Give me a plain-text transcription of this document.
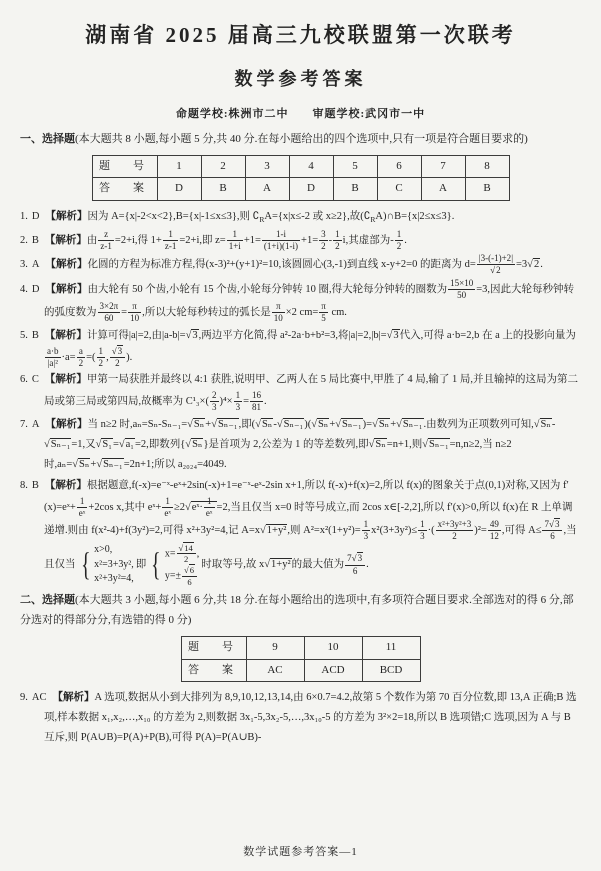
湖南省 2025 届高三九校联盟第一次联考
数学参考答案
命题学校:株洲市二中　　审题学校:武冈市一中
一、选择题(本大题共 8 小题,每小题 5 分,共 40 分.在每小题给出的四个选项中,只有一项是符合题目要求的)
题　号	1	2	3	4	5	6	7	8
答　案	D	B	A	D	B	C	A	B
1. D 【解析】因为 A={x|-2<x<2},B={x|-1≤x≤3},则 $∁_RA=\{x|x\le-2$ 或 x≥2},故$(∁_RA)\cap B=\{x|2\le x\le 3\}$.
2. B 【解析】由 $\frac{z}{z-1} =2+i$,得 $1+ \frac{1}{z-1} =2+i$,即 $z= \frac{1}{1+i} +1= \frac{1-i}{(1+i)(1-i)} +1= \frac{3}{2} - \frac{1}{2} i$,其虚部为- $\frac{1}{2}$ .
3. A 【解析】化圆的方程为标准方程,得(x-3)²+(y+1)²=10,该圆圆心(3,-1)到直线 x-y+2=0 的距离为 $d= \frac{|3-(-1)+2|}{√2} =3√2$.
4. D 【解析】由大轮有 50 个齿,小轮有 15 个齿,小轮每分钟转 10 圈,得大轮每分钟转的圈数为 $\frac{15\times 10}{50} =3$,因此大轮每秒钟转的弧度数为 $\frac{3\times 2\pi}{60} = \frac{\pi}{10}$ ,所以大轮每秒转过的弧长是 $\frac{\pi}{10} \times 2$ $cm= \frac{\pi}{5}$ cm.
5. B 【解析】计算可得|a|=2,由|a-b|=√3,两边平方化简,得 a²-2a·b+b²=3,将|a|=2,|b|=√3代入,可得 a·b=2,b 在 a 上的投影向量为
$\frac{a\cdot b}{\text{|a|²}} \cdot a= \frac{a}{2}$ =( $\frac{1}{2}$ , $\frac{√3}{2}$ ).
6. C 【解析】甲第一局获胜并最终以 4:1 获胜,说明甲、乙两人在 5 局比赛中,甲胜了 4 局,输了 1 局,并且输掉的这局为第二局或第三局或第四局,故概率为 $C^1_3\times( \frac{2}{3} )^4\times \frac{1}{3} = \frac{16}{81}$ .
7. A 【解析】当 n≥2 时,aₙ=Sₙ-Sₙ₋₁=√Sₙ+√Sₙ₋₁,即(√Sₙ-√Sₙ₋₁)(√Sₙ+√Sₙ₋₁)=√Sₙ+√Sₙ₋₁.由数列为正项数列可知,√Sₙ-√Sₙ₋₁=1,又√S₁=√a₁=2,即数列{√Sₙ}是首项为 2,公差为 1 的等差数列,即√Sₙ=n+1,则√Sₙ₋₁=n,n≥2,当 n≥2 时,aₙ=√Sₙ+√Sₙ₋₁=2n+1;所以 a₂₀₂₄=4049.
8. B 【解析】根据题意,f(-x)=e⁻ˣ-eˣ+2sin(-x)+1=e⁻ˣ-eˣ-2sin x+1,所以 f(-x)+f(x)=2,所以 f(x)的图象关于点(0,1)对称,又因为 f′(x)=eˣ+ $\frac{1}{\text{eˣ}} +2\cos$ x,其中 eˣ+ $\frac{1}{\text{eˣ}}$ ≥2√eˣ· $\frac{1}{\text{eˣ}} =2$,当且仅当 x=0 时等号成立,而 2cos x∈[-2,2],所以 f′(x)>0,所以 f(x)在 R 上单调递增.则由 f(x²-4)+f(3y²)=2,可得 x²+3y²=4,记 A=x√1+y²,则 $A^2=x^2(1+y^2)= \frac{1}{3} x^2(3+3y^2)\le \frac{1}{3}$ ·( $\frac{\text{x²+3y²+3}}{2} )^2= \frac{49}{12}$ ,可得 $A\le \frac{7√3}{6}$ ,当且仅当 { x>0,
x²=3+3y²,
x²+3y²=4,
即 { $x= \frac{√14}{2}$ ,
$y=\pm \frac{√6}{6}$
时取等号,故 x√1+y²的最大值为 $\frac{7√3}{6}$ .
二、选择题(本大题共 3 小题,每小题 6 分,共 18 分.在每小题给出的选项中,有多项符合题目要求.全部选对的得 6 分,部分选对的得部分分,有选错的得 0 分)
题　号	9	10	11
答　案	AC	ACD	BCD
9. AC 【解析】A 选项,数据从小到大排列为 8,9,10,12,13,14,由 6×0.7=4.2,故第 5 个数作为第 70 百分位数,即 13,A 正确;B 选项,样本数据 x₁,x₂,…,x₁₀ 的方差为 2,则数据 3x₁-5,3x₂-5,…,3x₁₀-5 的方差为 3²×2=18,所以 B 选项错;C 选项,因为 A 与 B 互斥,则 P(A∪B)=P(A)+P(B),可得 P(A)=P(A∪B)-
数学试题参考答案—1
